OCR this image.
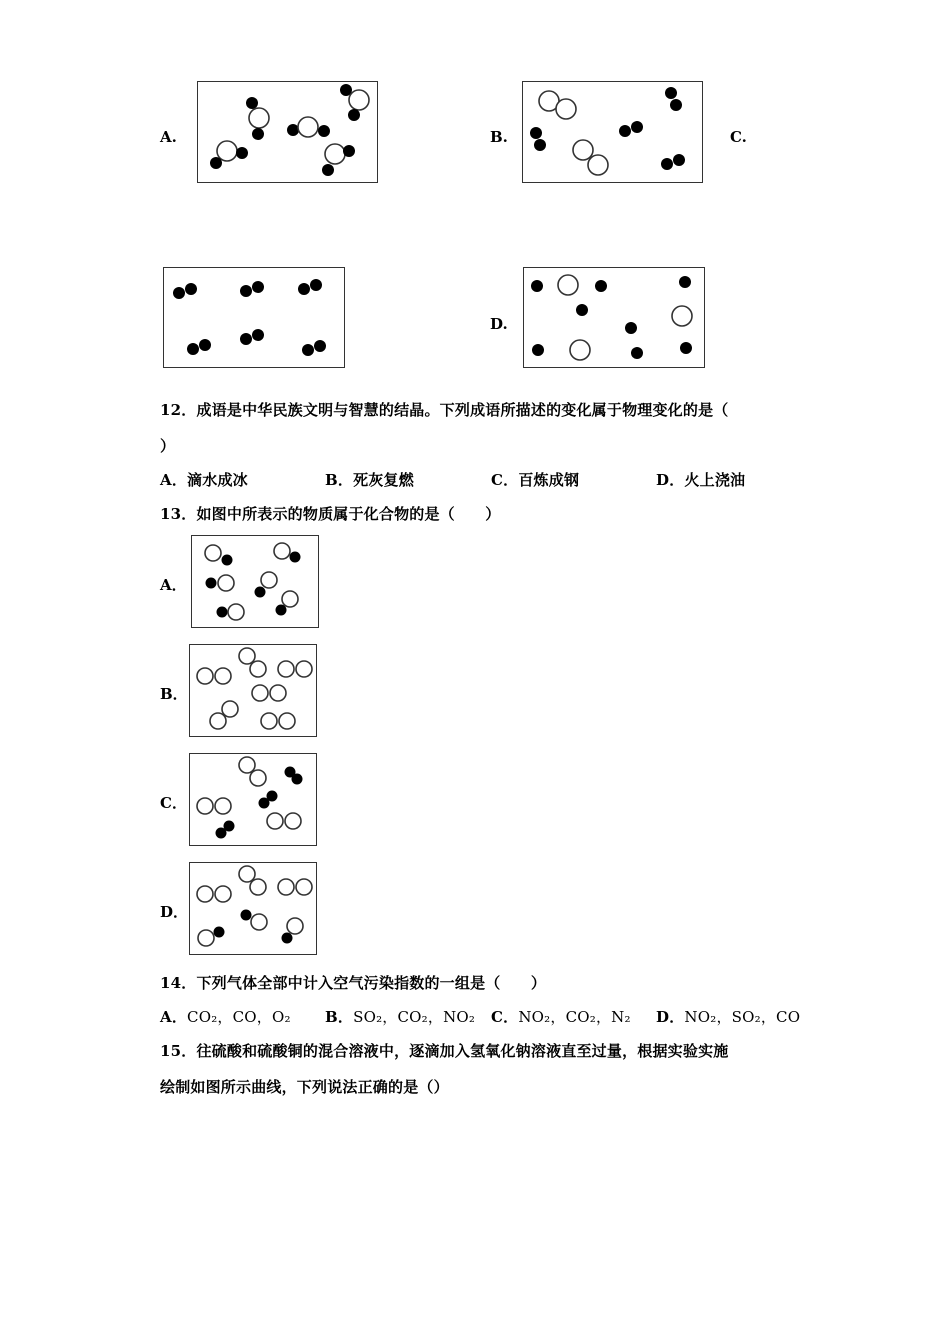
A.	B.	C.
D.
12．成语是中华民族文明与智慧的结晶。下列成语所描述的变化属于物理变化的是（
）
A．滴水成冰	B．死灰复燃	C．百炼成钢	D．火上浇油
13．如图中所表示的物质属于化合物的是（　　）
A．
B．
C．
D．
14．下列气体全部中计入空气污染指数的一组是（　　）
A．CO₂，CO，O₂ B．SO₂，CO₂，NO₂ C．NO₂，CO₂，N₂ D．NO₂，SO₂，CO
15．往硫酸和硫酸铜的混合溶液中，逐滴加入氢氧化钠溶液直至过量，根据实验实施
绘制如图所示曲线，下列说法正确的是（）
